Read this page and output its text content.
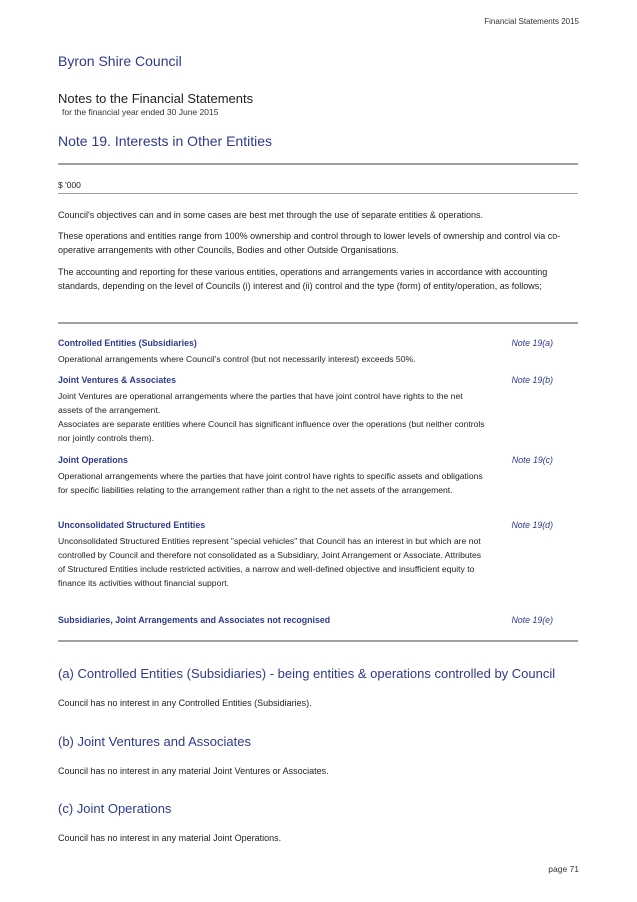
Financial Statements 2015
Byron Shire Council
Notes to the Financial Statements
for the financial year ended 30 June 2015
Note 19. Interests in Other Entities
$ '000
Council's objectives can and in some cases are best met through the use of separate entities & operations.
These operations and entities range from 100% ownership and control through to lower levels of ownership and control via co-operative arrangements with other Councils, Bodies and other Outside Organisations.
The accounting and reporting for these various entities, operations and arrangements varies in accordance with accounting standards, depending on the level of Councils (i) interest and (ii) control and the type (form) of entity/operation, as follows;
Controlled Entities (Subsidiaries)	Note 19(a)
Operational arrangements where Council's control (but not necessarily interest) exceeds 50%.
Joint Ventures & Associates	Note 19(b)
Joint Ventures are operational arrangements where the parties that have joint control have rights to the net assets of the arrangement.
Associates are separate entities where Council has significant influence over the operations (but neither controls nor jointly controls them).
Joint Operations	Note 19(c)
Operational arrangements where the parties that have joint control have rights to specific assets and obligations for specific liabilities relating to the arrangement rather than a right to the net assets of the arrangement.
Unconsolidated Structured Entities	Note 19(d)
Unconsolidated Structured Entities represent "special vehicles" that Council has an interest in but which are not controlled by Council and therefore not consolidated as a Subsidiary, Joint Arrangement or Associate. Attributes of Structured Entities include restricted activities, a narrow and well-defined objective and insufficient equity to finance its activities without financial support.
Subsidiaries, Joint Arrangements and Associates not recognised	Note 19(e)
(a) Controlled Entities (Subsidiaries) - being entities & operations controlled by Council
Council has no interest in any Controlled Entities (Subsidiaries).
(b) Joint Ventures and Associates
Council has no interest in any material Joint Ventures or Associates.
(c) Joint Operations
Council has no interest in any material Joint Operations.
page 71
